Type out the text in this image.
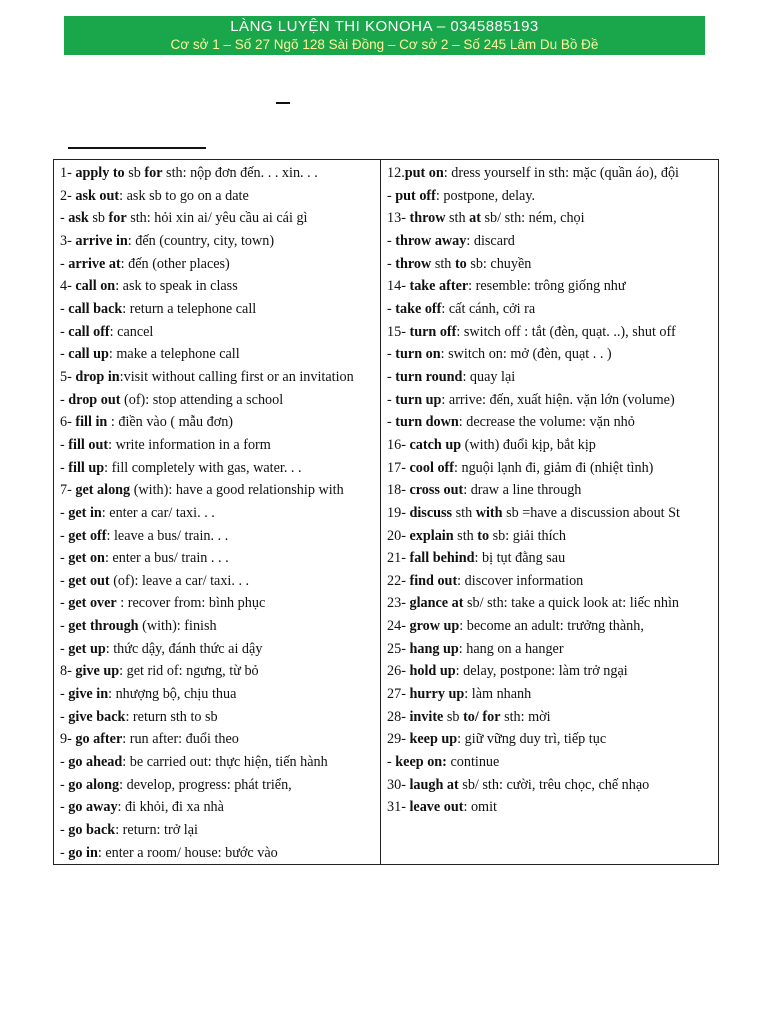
LÀNG LUYỆN THI KONOHA – 0345885193
Cơ sở 1 – Số 27 Ngõ 128 Sài Đồng – Cơ sở 2 – Số 245 Lâm Du Bồ Đề
1- apply to sb for sth: nộp đơn đến. . . xin. . .
2- ask out: ask sb to go on a date
- ask sb for sth: hỏi xin ai/ yêu cầu ai cái gì
3- arrive in: đến (country, city, town)
- arrive at: đến (other places)
4- call on: ask to speak in class
- call back: return a telephone call
- call off: cancel
- call up: make a telephone call
5- drop in:visit without calling first or an invitation
- drop out (of): stop attending a school
6- fill in : điền vào ( mẫu đơn)
- fill out: write information in a form
- fill up: fill completely with gas, water. . .
7- get along (with): have a good relationship with
- get in: enter a car/ taxi. . .
- get off: leave a bus/ train. . .
- get on: enter a bus/ train . . .
- get out (of): leave a car/ taxi. . .
- get over : recover from: bình phục
- get through (with): finish
- get up: thức dậy, đánh thức ai dậy
8- give up: get rid of: ngưng, từ bỏ
- give in: nhượng bộ, chịu thua
- give back: return sth to sb
9- go after: run after: đuổi theo
- go ahead: be carried out: thực hiện, tiến hành
- go along: develop, progress: phát triển,
- go away: đi khỏi, đi xa nhà
- go back: return: trở lại
- go in: enter a room/ house: bước vào

12.put on: dress yourself in sth: mặc (quần áo), đội
- put off: postpone, delay.
13- throw sth at sb/ sth: ném, chọi
- throw away: discard
- throw sth to sb: chuyền
14- take after: resemble: trông giống như
- take off: cất cánh, cởi ra
15- turn off: switch off : tắt (đèn, quạt. ..), shut off
- turn on: switch on: mở (đèn, quạt . . )
- turn round: quay lại
- turn up: arrive: đến, xuất hiện. vặn lớn (volume)
- turn down: decrease the volume: vặn nhỏ
16- catch up (with) đuổi kịp, bắt kịp
17- cool off: nguội lạnh đi, giảm đi (nhiệt tình)
18- cross out: draw a line through
19- discuss sth with sb =have a discussion about St
20- explain sth to sb: giải thích
21- fall behind: bị tụt đằng sau
22- find out: discover information
23- glance at sb/ sth: take a quick look at: liếc nhìn
24- grow up: become an adult: trưởng thành,
25- hang up: hang on a hanger
26- hold up: delay, postpone: làm trở ngại
27- hurry up: làm nhanh
28- invite sb to/ for sth: mời
29- keep up: giữ vững duy trì, tiếp tục
- keep on: continue
30- laugh at sb/ sth: cười, trêu chọc, chế nhạo
31- leave out: omit
